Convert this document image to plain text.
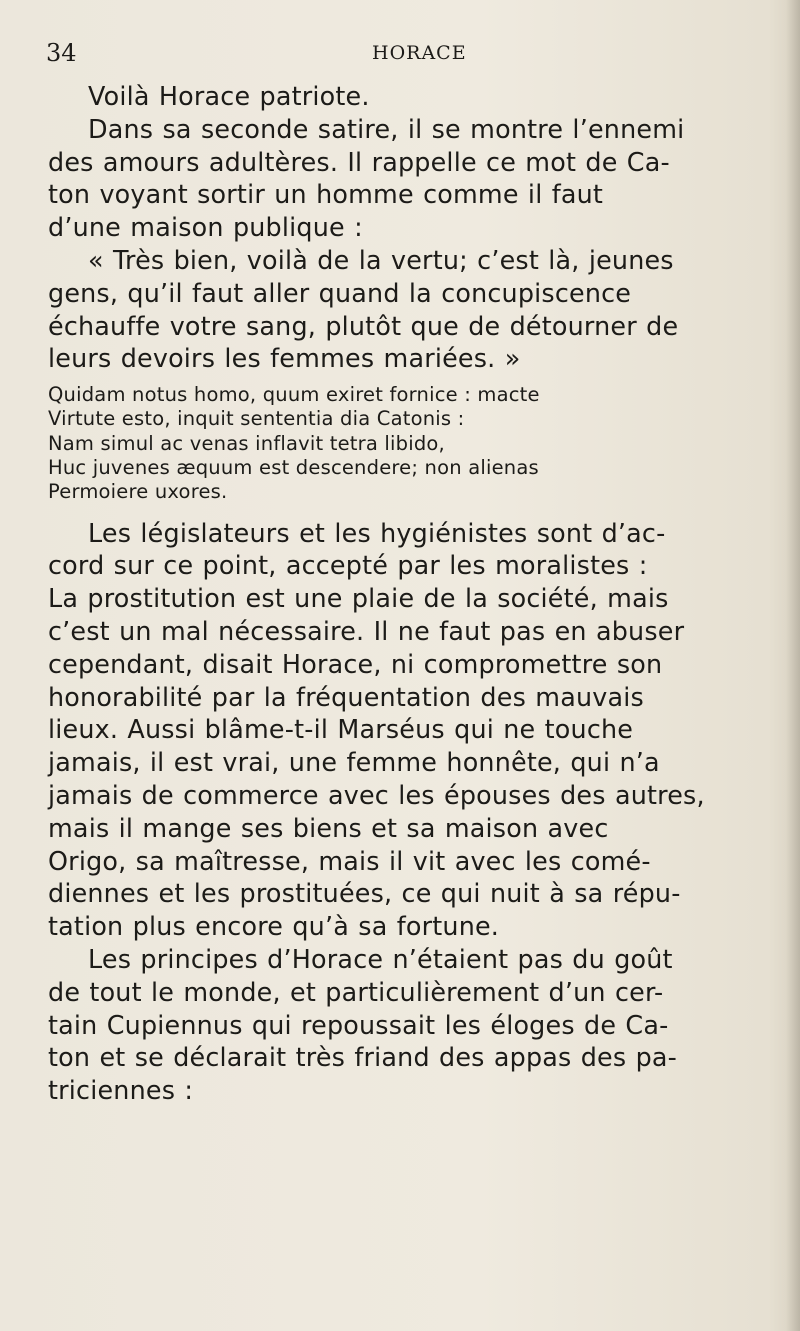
34	HORACE
Voilà Horace patriote.
Dans sa seconde satire, il se montre l’ennemi
des amours adultères. Il rappelle ce mot de Ca-
ton voyant sortir un homme comme il faut
d’une maison publique :
« Très bien, voilà de la vertu; c’est là, jeunes
gens, qu’il faut aller quand la concupiscence
échauffe votre sang, plutôt que de détourner de
leurs devoirs les femmes mariées. »
Quidam notus homo, quum exiret fornice : macte
Virtute esto, inquit sententia dia Catonis :
Nam simul ac venas inflavit tetra libido,
Huc juvenes æquum est descendere; non alienas
Permoiere uxores.
Les législateurs et les hygiénistes sont d’ac-
cord sur ce point, accepté par les moralistes :
La prostitution est une plaie de la société, mais
c’est un mal nécessaire. Il ne faut pas en abuser
cependant, disait Horace, ni compromettre son
honorabilité par la fréquentation des mauvais
lieux. Aussi blâme-t-il Marséus qui ne touche
jamais, il est vrai, une femme honnête, qui n’a
jamais de commerce avec les épouses des autres,
mais il mange ses biens et sa maison avec
Origo, sa maîtresse, mais il vit avec les comé-
diennes et les prostituées, ce qui nuit à sa répu-
tation plus encore qu’à sa fortune.
Les principes d’Horace n’étaient pas du goût
de tout le monde, et particulièrement d’un cer-
tain Cupiennus qui repoussait les éloges de Ca-
ton et se déclarait très friand des appas des pa-
triciennes :
